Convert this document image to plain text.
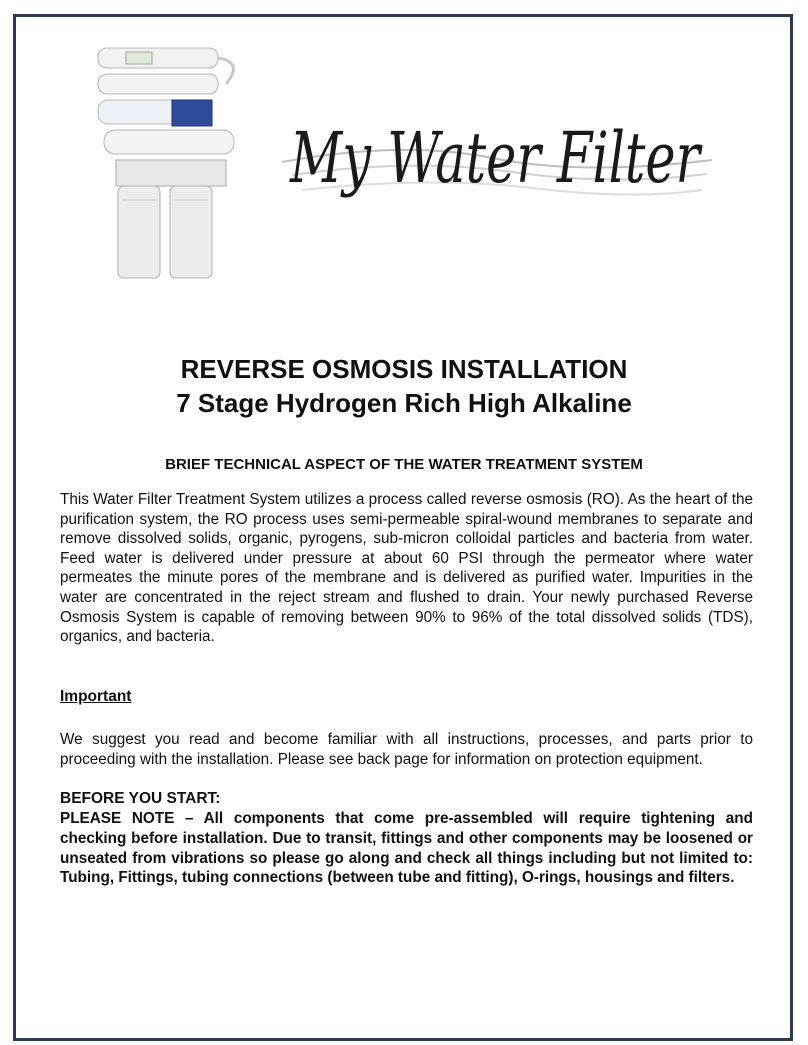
My Water Filter
REVERSE OSMOSIS INSTALLATION
7 Stage Hydrogen Rich High Alkaline
BRIEF TECHNICAL ASPECT OF THE WATER TREATMENT SYSTEM

This Water Filter Treatment System utilizes a process called reverse osmosis (RO). As the heart of the purification system, the RO process uses semi-permeable spiral-wound membranes to separate and remove dissolved solids, organic, pyrogens, sub-micron colloidal particles and bacteria from water. Feed water is delivered under pressure at about 60 PSI through the permeator where water permeates the minute pores of the membrane and is delivered as purified water. Impurities in the water are concentrated in the reject stream and flushed to drain. Your newly purchased Reverse Osmosis System is capable of removing between 90% to 96% of the total dissolved solids (TDS), organics, and bacteria.

Important

We suggest you read and become familiar with all instructions, processes, and parts prior to proceeding with the installation. Please see back page for information on protection equipment.

BEFORE YOU START:

PLEASE NOTE – All components that come pre-assembled will require tightening and checking before installation. Due to transit, fittings and other components may be loosened or unseated from vibrations so please go along and check all things including but not limited to: Tubing, Fittings, tubing connections (between tube and fitting), O-rings, housings and filters.
